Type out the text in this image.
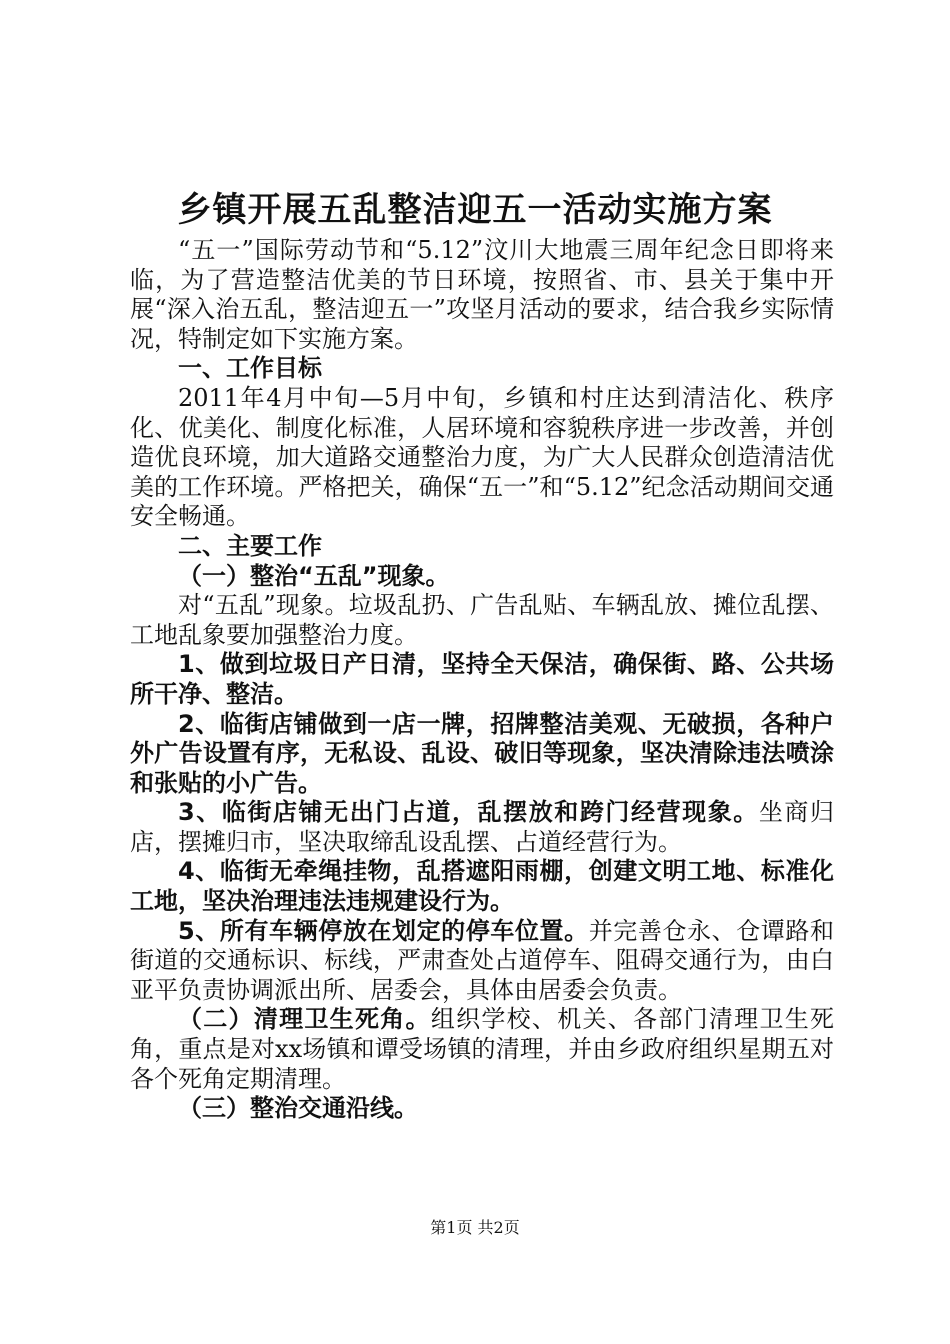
乡镇开展五乱整洁迎五一活动实施方案

“五一”国际劳动节和“5.12”汶川大地震三周年纪念日即将来临，为了营造整洁优美的节日环境，按照省、市、县关于集中开展“深入治五乱，整洁迎五一”攻坚月活动的要求，结合我乡实际情况，特制定如下实施方案。

一、工作目标

2011年4月中旬—5月中旬，乡镇和村庄达到清洁化、秩序化、优美化、制度化标准，人居环境和容貌秩序进一步改善，并创造优良环境，加大道路交通整治力度，为广大人民群众创造清洁优美的工作环境。严格把关，确保“五一”和“5.12”纪念活动期间交通安全畅通。

二、主要工作

（一）整治“五乱”现象。

对“五乱”现象。垃圾乱扔、广告乱贴、车辆乱放、摊位乱摆、工地乱象要加强整治力度。

1、做到垃圾日产日清，坚持全天保洁，确保街、路、公共场所干净、整洁。

2、临街店铺做到一店一牌，招牌整洁美观、无破损，各种户外广告设置有序，无私设、乱设、破旧等现象，坚决清除违法喷涂和张贴的小广告。

3、临街店铺无出门占道，乱摆放和跨门经营现象。坐商归店，摆摊归市，坚决取缔乱设乱摆、占道经营行为。

4、临街无牵绳挂物，乱搭遮阳雨棚，创建文明工地、标准化工地，坚决治理违法违规建设行为。

5、所有车辆停放在划定的停车位置。并完善仓永、仓谭路和街道的交通标识、标线，严肃查处占道停车、阻碍交通行为，由白亚平负责协调派出所、居委会，具体由居委会负责。

（二）清理卫生死角。组织学校、机关、各部门清理卫生死角，重点是对xx场镇和谭受场镇的清理，并由乡政府组织星期五对各个死角定期清理。

（三）整治交通沿线。

第1页 共2页
